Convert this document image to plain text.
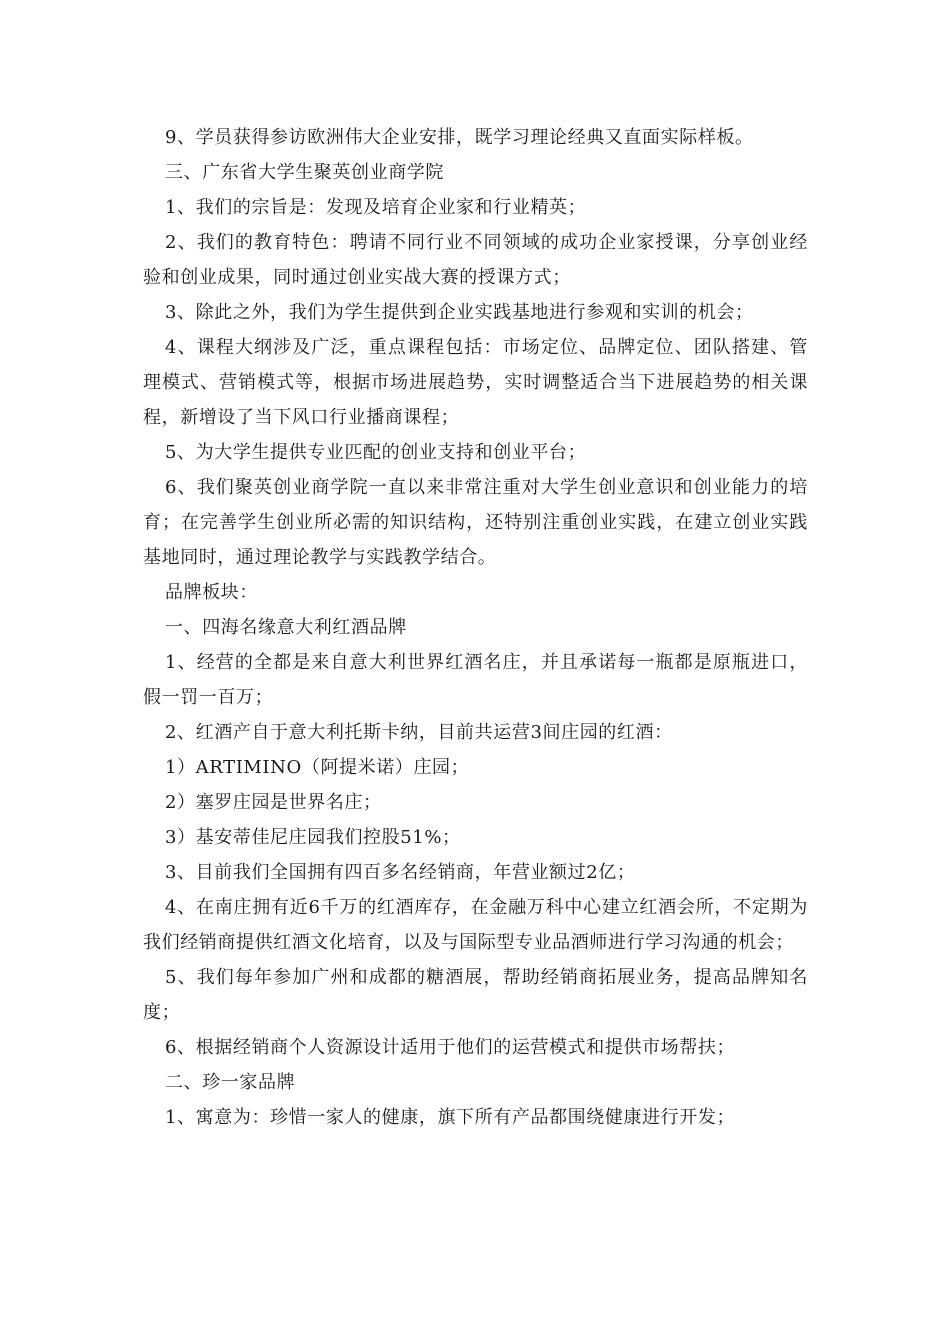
9、学员获得参访欧洲伟大企业安排，既学习理论经典又直面实际样板。

三、广东省大学生聚英创业商学院

1、我们的宗旨是：发现及培育企业家和行业精英；

2、我们的教育特色：聘请不同行业不同领域的成功企业家授课，分享创业经验和创业成果，同时通过创业实战大赛的授课方式；

3、除此之外，我们为学生提供到企业实践基地进行参观和实训的机会；

4、课程大纲涉及广泛，重点课程包括：市场定位、品牌定位、团队搭建、管理模式、营销模式等，根据市场进展趋势，实时调整适合当下进展趋势的相关课程，新增设了当下风口行业播商课程；

5、为大学生提供专业匹配的创业支持和创业平台；

6、我们聚英创业商学院一直以来非常注重对大学生创业意识和创业能力的培育；在完善学生创业所必需的知识结构，还特别注重创业实践，在建立创业实践基地同时，通过理论教学与实践教学结合。

品牌板块：

一、四海名缘意大利红酒品牌

1、经营的全都是来自意大利世界红酒名庄，并且承诺每一瓶都是原瓶进口，假一罚一百万；

2、红酒产自于意大利托斯卡纳，目前共运营3间庄园的红酒：

1）ARTIMINO（阿提米诺）庄园；

2）塞罗庄园是世界名庄；

3）基安蒂佳尼庄园我们控股51%；

3、目前我们全国拥有四百多名经销商，年营业额过2亿；

4、在南庄拥有近6千万的红酒库存，在金融万科中心建立红酒会所，不定期为我们经销商提供红酒文化培育，以及与国际型专业品酒师进行学习沟通的机会；

5、我们每年参加广州和成都的糖酒展，帮助经销商拓展业务，提高品牌知名度；

6、根据经销商个人资源设计适用于他们的运营模式和提供市场帮扶；

二、珍一家品牌

1、寓意为：珍惜一家人的健康，旗下所有产品都围绕健康进行开发；
